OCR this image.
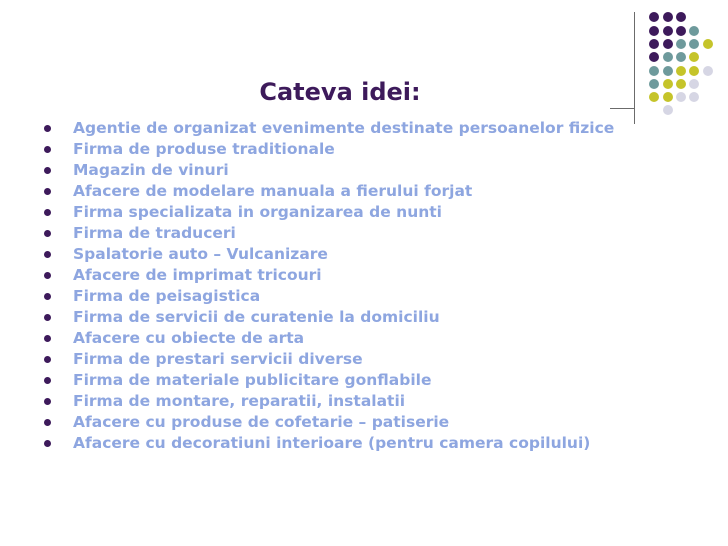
Cateva idei:
Agentie de organizat evenimente destinate persoanelor fizice
Firma de produse traditionale
Magazin de vinuri
Afacere de modelare manuala a fierului forjat
Firma specializata in organizarea de nunti
Firma de traduceri
Spalatorie auto – Vulcanizare
Afacere de imprimat tricouri
Firma de peisagistica
Firma de servicii de curatenie la domiciliu
Afacere cu obiecte de arta
Firma de prestari servicii diverse
Firma de materiale publicitare gonflabile
Firma de montare, reparatii, instalatii
Afacere cu produse de cofetarie – patiserie
Afacere cu decoratiuni interioare (pentru camera copilului)
